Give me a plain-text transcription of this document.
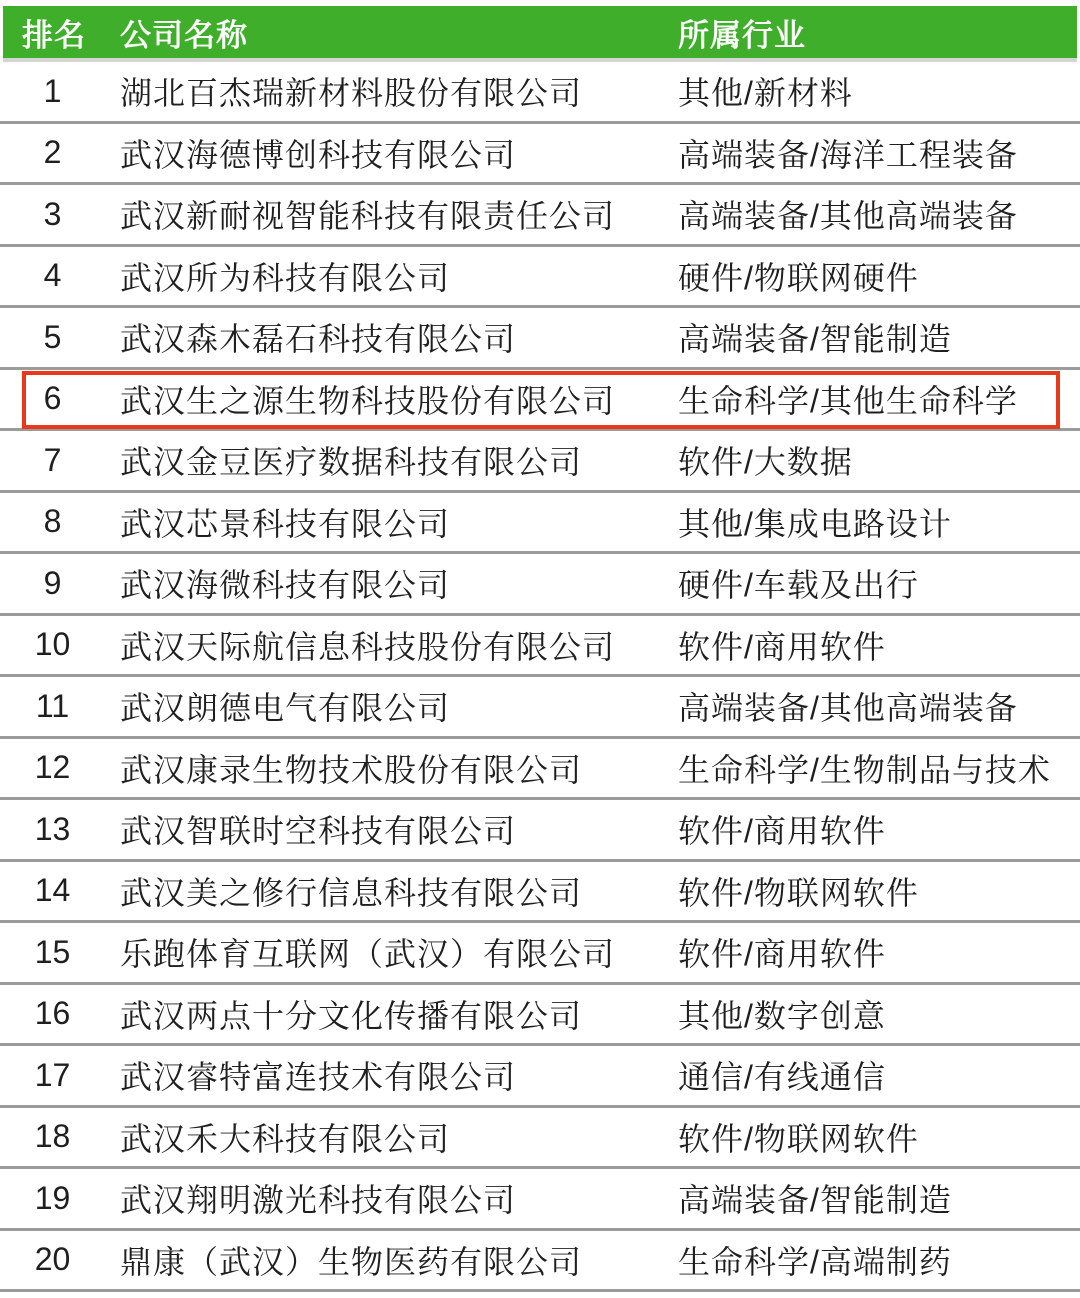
排名	公司名称	所属行业
1	湖北百杰瑞新材料股份有限公司	其他/新材料
2	武汉海德博创科技有限公司	高端装备/海洋工程装备
3	武汉新耐视智能科技有限责任公司	高端装备/其他高端装备
4	武汉所为科技有限公司	硬件/物联网硬件
5	武汉森木磊石科技有限公司	高端装备/智能制造
6	武汉生之源生物科技股份有限公司	生命科学/其他生命科学
7	武汉金豆医疗数据科技有限公司	软件/大数据
8	武汉芯景科技有限公司	其他/集成电路设计
9	武汉海微科技有限公司	硬件/车载及出行
10	武汉天际航信息科技股份有限公司	软件/商用软件
11	武汉朗德电气有限公司	高端装备/其他高端装备
12	武汉康录生物技术股份有限公司	生命科学/生物制品与技术
13	武汉智联时空科技有限公司	软件/商用软件
14	武汉美之修行信息科技有限公司	软件/物联网软件
15	乐跑体育互联网（武汉）有限公司	软件/商用软件
16	武汉两点十分文化传播有限公司	其他/数字创意
17	武汉睿特富连技术有限公司	通信/有线通信
18	武汉禾大科技有限公司	软件/物联网软件
19	武汉翔明激光科技有限公司	高端装备/智能制造
20	鼎康（武汉）生物医药有限公司	生命科学/高端制药
